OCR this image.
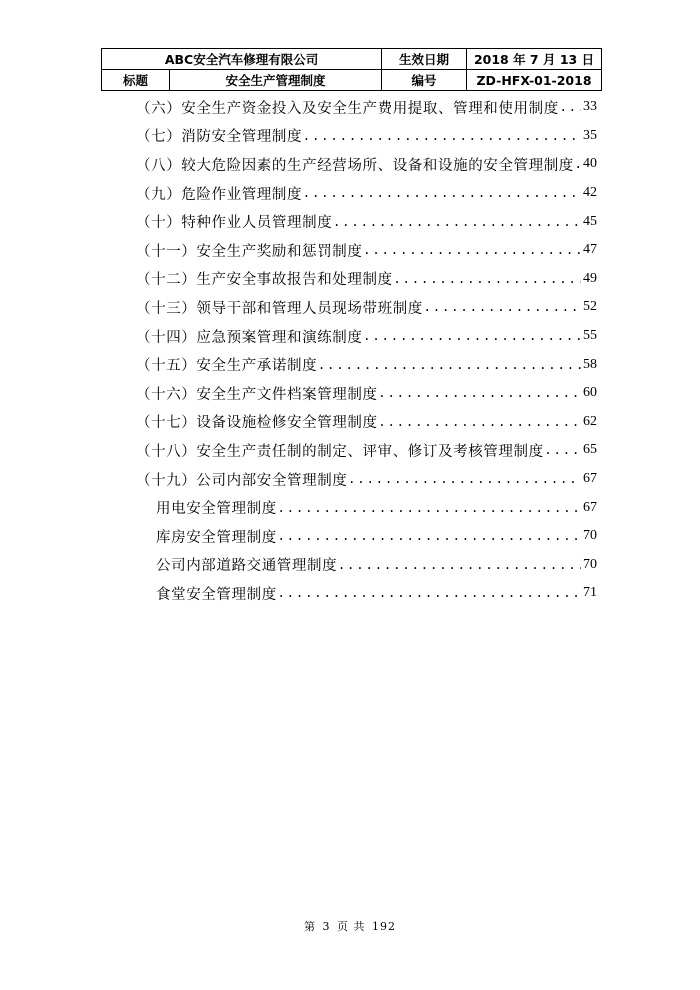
ABC安全汽车修理有限公司		生效日期	2018 年 7 月 13 日
标题	安全生产管理制度	编号	ZD-HFX-01-2018
（六）安全生产资金投入及安全生产费用提取、管理和使用制度 . . . 33
（七）消防安全管理制度 . . .	35
（八）较大危险因素的生产经营场所、设备和设施的安全管理制度 . . . 40
（九）危险作业管理制度 . . .	42
（十）特种作业人员管理制度 . . .	45
（十一）安全生产奖励和惩罚制度 . . .	47
（十二）生产安全事故报告和处理制度 . . .	49
（十三）领导干部和管理人员现场带班制度 . . .	52
（十四）应急预案管理和演练制度 . . .	55
（十五）安全生产承诺制度 . . .	58
（十六）安全生产文件档案管理制度 . . .	60
（十七）设备设施检修安全管理制度 . . .	62
（十八）安全生产责任制的制定、评审、修订及考核管理制度 . . .	65
（十九）公司内部安全管理制度 . . .	67
用电安全管理制度 . . .	67
库房安全管理制度 . . .	70
公司内部道路交通管理制度 . . .	70
食堂安全管理制度 . . .	71
第 3 页 共 192
